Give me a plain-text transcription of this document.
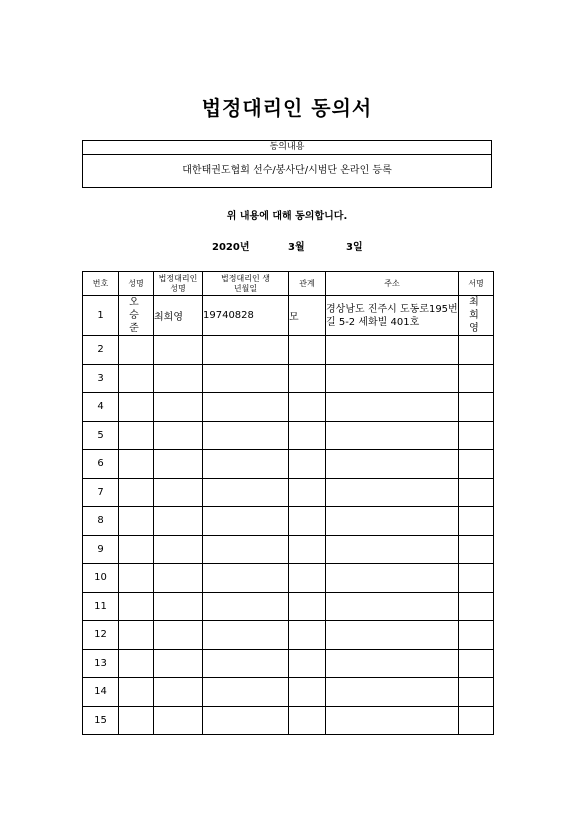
법정대리인 동의서
동의내용
대한태권도협회 선수/봉사단/시범단 온라인 등록
위 내용에 대해 동의합니다.
2020년	3월	3일
번호	성명	법정대리인 성명	법정대리인 생년월일	관계	주소	서명
1	오 승 준	최희영	19740828	모	경상남도 진주시 도동로195번길 5-2 세화빌 401호	최 희 영
2						
3						
4						
5						
6						
7						
8						
9						
10						
11						
12						
13						
14						
15						
